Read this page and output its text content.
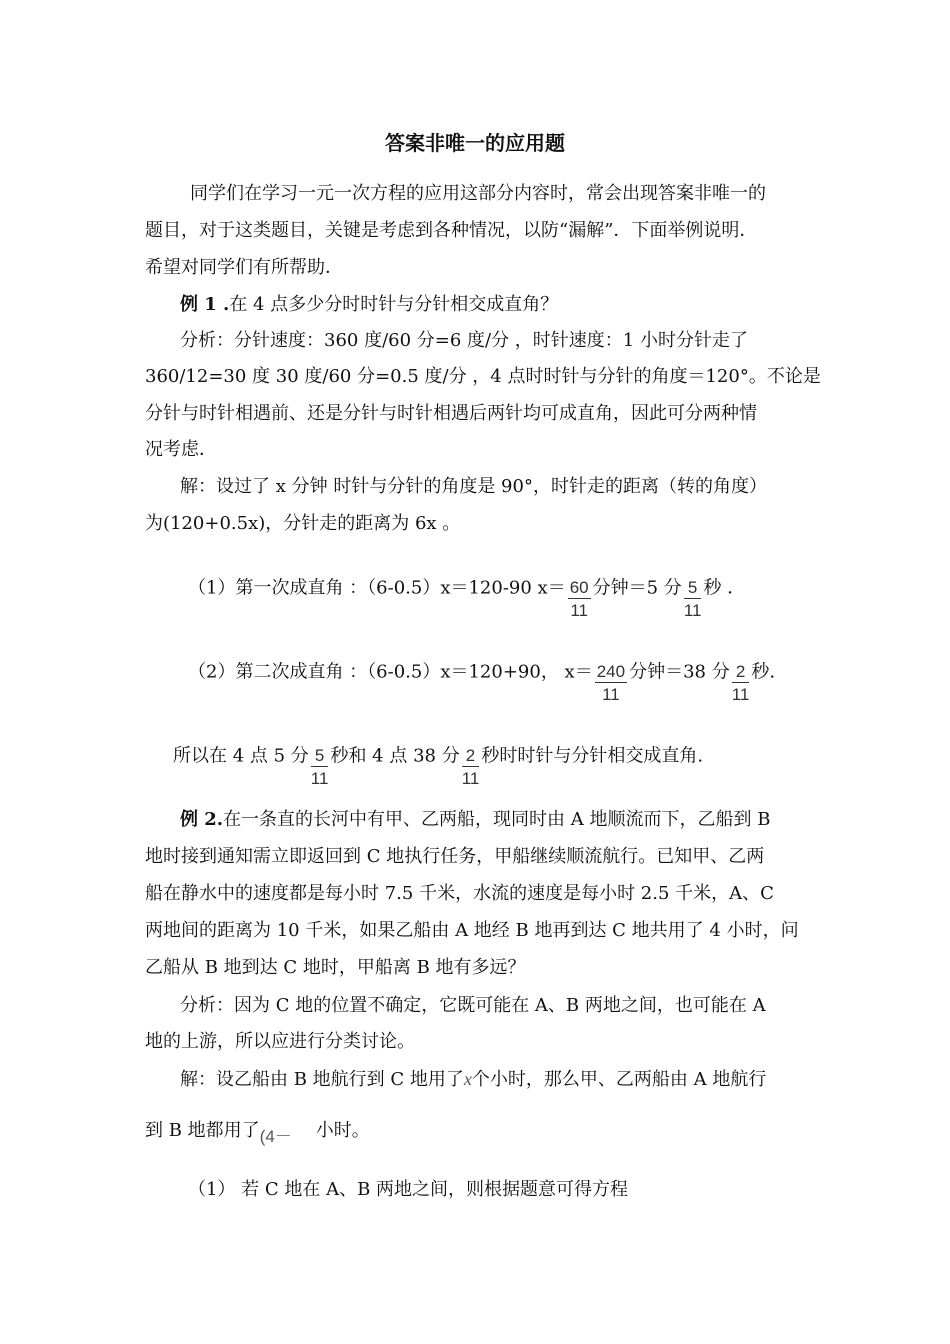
答案非唯一的应用题
同学们在学习一元一次方程的应用这部分内容时，常会出现答案非唯一的
题目，对于这类题目，关键是考虑到各种情况，以防“漏解”．下面举例说明．
希望对同学们有所帮助．
例 1 .在 4 点多少分时时针与分针相交成直角？
分析：分针速度：360 度/60 分=6 度/分 ，时针速度：1 小时分针走了
360/12=30 度 30 度/60 分=0.5 度/分 ，4 点时时针与分针的角度＝120°。不论是
分针与时针相遇前、还是分针与时针相遇后两针均可成直角，因此可分两种情
况考虑．
解：设过了 x 分钟 时针与分针的角度是 90°，时针走的距离（转的角度）
为(120+0.5x)，分针走的距离为 6x 。
（1）第一次成直角 ：（6-0.5）x＝120-90 $x= \frac{60}{11}$ 分钟＝5 分 $\frac{5}{11}$ 秒 ．
（2）第二次成直角 ：（6-0.5）x＝120+90， $x= \frac{240}{11}$ 分钟＝38 分 $\frac{2}{11}$ 秒.
所以在 4 点 5 分 $\frac{5}{11}$ 秒和 4 点 38 分 $\frac{2}{11}$ 秒时时针与分针相交成直角.
例 2.在一条直的长河中有甲、乙两船，现同时由 A 地顺流而下，乙船到 B
地时接到通知需立即返回到 C 地执行任务，甲船继续顺流航行。已知甲、乙两
船在静水中的速度都是每小时 7.5 千米，水流的速度是每小时 2.5 千米，A、C
两地间的距离为 10 千米，如果乙船由 A 地经 B 地再到达 C 地共用了 4 小时，问
乙船从 B 地到达 C 地时，甲船离 B 地有多远？
分析：因为 C 地的位置不确定，它既可能在 A、B 两地之间，也可能在 A
地的上游，所以应进行分类讨论。
解：设乙船由 B 地航行到 C 地用了x个小时，那么甲、乙两船由 A 地航行
到 B 地都用了(4－ 小时。
（1） 若 C 地在 A、B 两地之间，则根据题意可得方程
